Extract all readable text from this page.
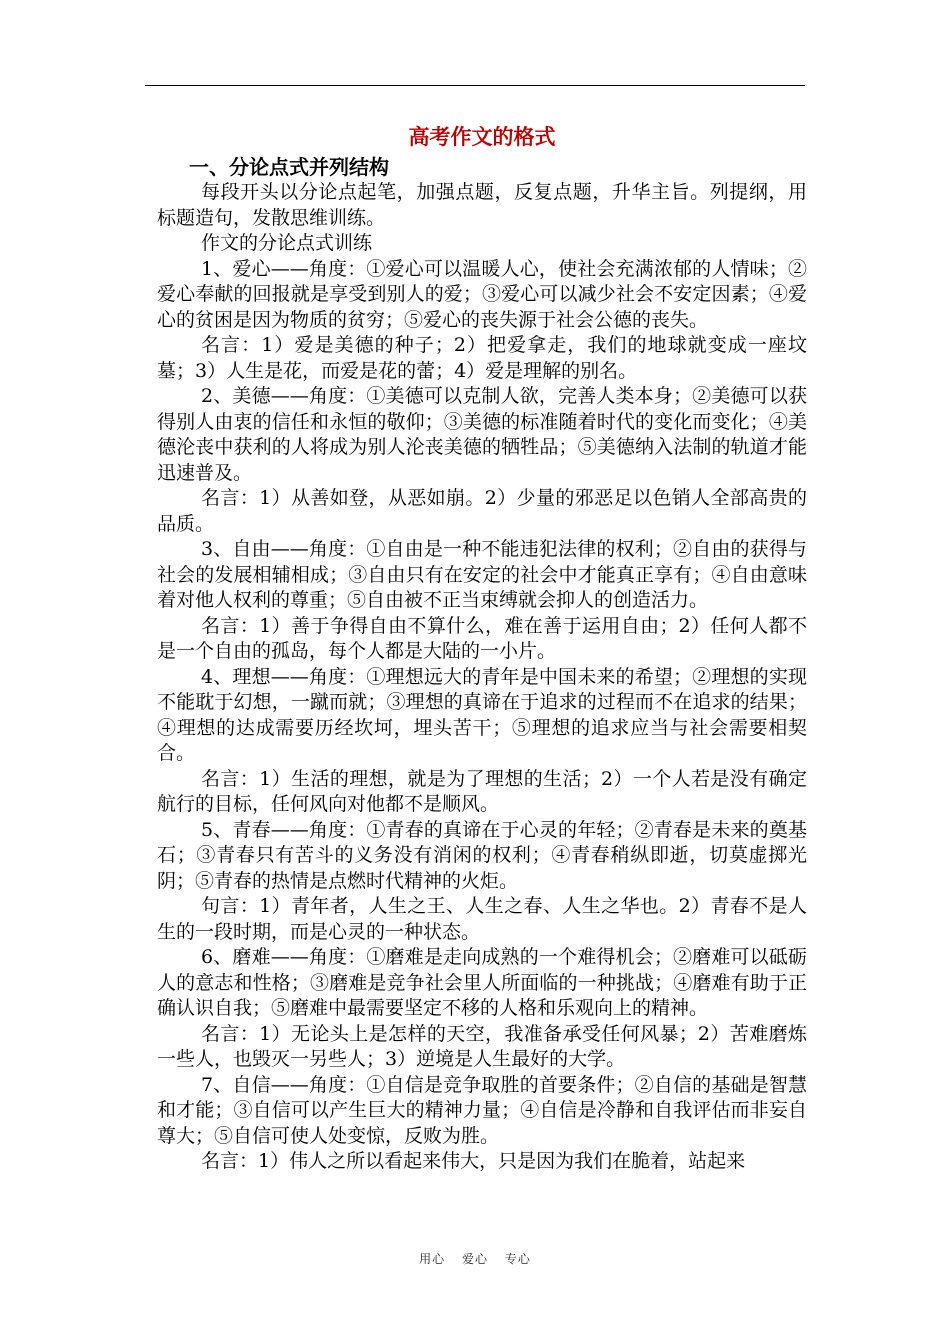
高考作文的格式
一、分论点式并列结构

每段开头以分论点起笔，加强点题，反复点题，升华主旨。列提纲，用标题造句，发散思维训练。

作文的分论点式训练

1、爱心——角度：①爱心可以温暖人心，使社会充满浓郁的人情味；②爱心奉献的回报就是享受到别人的爱；③爱心可以减少社会不安定因素；④爱心的贫困是因为物质的贫穷；⑤爱心的丧失源于社会公德的丧失。

名言：1）爱是美德的种子；2）把爱拿走，我们的地球就变成一座坟墓；3）人生是花，而爱是花的蕾；4）爱是理解的别名。

2、美德——角度：①美德可以克制人欲，完善人类本身；②美德可以获得别人由衷的信任和永恒的敬仰；③美德的标准随着时代的变化而变化；④美德沦丧中获利的人将成为别人沦丧美德的牺牲品；⑤美德纳入法制的轨道才能迅速普及。

名言：1）从善如登，从恶如崩。2）少量的邪恶足以色销人全部高贵的品质。

3、自由——角度：①自由是一种不能违犯法律的权利；②自由的获得与社会的发展相辅相成；③自由只有在安定的社会中才能真正享有；④自由意味着对他人权利的尊重；⑤自由被不正当束缚就会抑人的创造活力。

名言：1）善于争得自由不算什么，难在善于运用自由；2）任何人都不是一个自由的孤岛，每个人都是大陆的一小片。

4、理想——角度：①理想远大的青年是中国未来的希望；②理想的实现不能耽于幻想，一蹴而就；③理想的真谛在于追求的过程而不在追求的结果；④理想的达成需要历经坎坷，埋头苦干；⑤理想的追求应当与社会需要相契合。

名言：1）生活的理想，就是为了理想的生活；2）一个人若是没有确定航行的目标，任何风向对他都不是顺风。

5、青春——角度：①青春的真谛在于心灵的年轻；②青春是未来的奠基石；③青春只有苦斗的义务没有消闲的权利；④青春稍纵即逝，切莫虚掷光阴；⑤青春的热情是点燃时代精神的火炬。

句言：1）青年者，人生之王、人生之春、人生之华也。2）青春不是人生的一段时期，而是心灵的一种状态。

6、磨难——角度：①磨难是走向成熟的一个难得机会；②磨难可以砥砺人的意志和性格；③磨难是竞争社会里人所面临的一种挑战；④磨难有助于正确认识自我；⑤磨难中最需要坚定不移的人格和乐观向上的精神。

名言：1）无论头上是怎样的天空，我准备承受任何风暴；2）苦难磨炼一些人，也毁灭一另些人；3）逆境是人生最好的大学。

7、自信——角度：①自信是竞争取胜的首要条件；②自信的基础是智慧和才能；③自信可以产生巨大的精神力量；④自信是冷静和自我评估而非妄自尊大；⑤自信可使人处变惊，反败为胜。

名言：1）伟人之所以看起来伟大，只是因为我们在脆着，站起来

用心 爱心 专心
